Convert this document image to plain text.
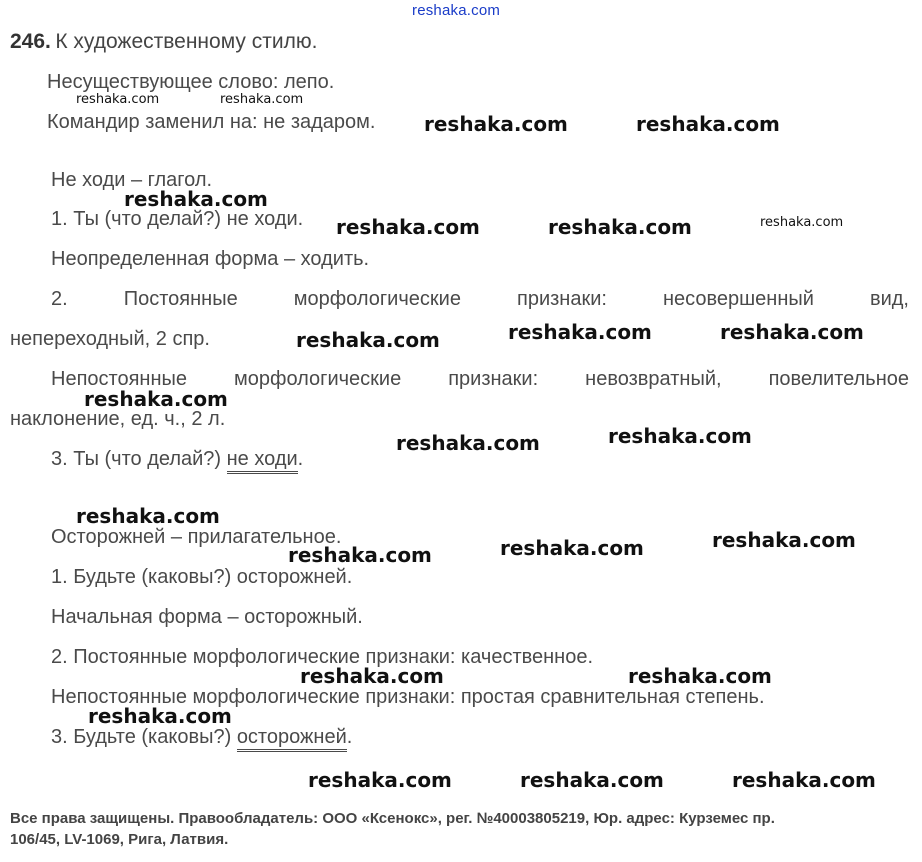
reshaka.com
246. К художественному стилю.
Несуществующее слово: лепо.
Командир заменил на: не задаром.
Не ходи – глагол.
1. Ты (что делай?) не ходи.
Неопределенная форма – ходить.
2.	Постоянные	морфологические	признаки:	несовершенный	вид,
непереходный, 2 спр.
Непостоянные морфологические признаки: невозвратный, повелительное
наклонение, ед. ч., 2 л.
3. Ты (что делай?) не ходи.
Осторожней – прилагательное.
1. Будьте (каковы?) осторожней.
Начальная форма – осторожный.
2. Постоянные морфологические признаки: качественное.
Непостоянные морфологические признаки: простая сравнительная степень.
3. Будьте (каковы?) осторожней.
reshaka.com	reshaka.com
reshaka.com	reshaka.com
reshaka.com
reshaka.com	reshaka.com	reshaka.com
reshaka.com	reshaka.com	reshaka.com
reshaka.com
reshaka.com	reshaka.com
reshaka.com
reshaka.com	reshaka.com	reshaka.com
reshaka.com	reshaka.com
reshaka.com
reshaka.com	reshaka.com	reshaka.com
Все права защищены. Правообладатель: ООО «Ксенокс», рег. №40003805219, Юр. адрес: Курземес пр.
106/45, LV-1069, Рига, Латвия.
